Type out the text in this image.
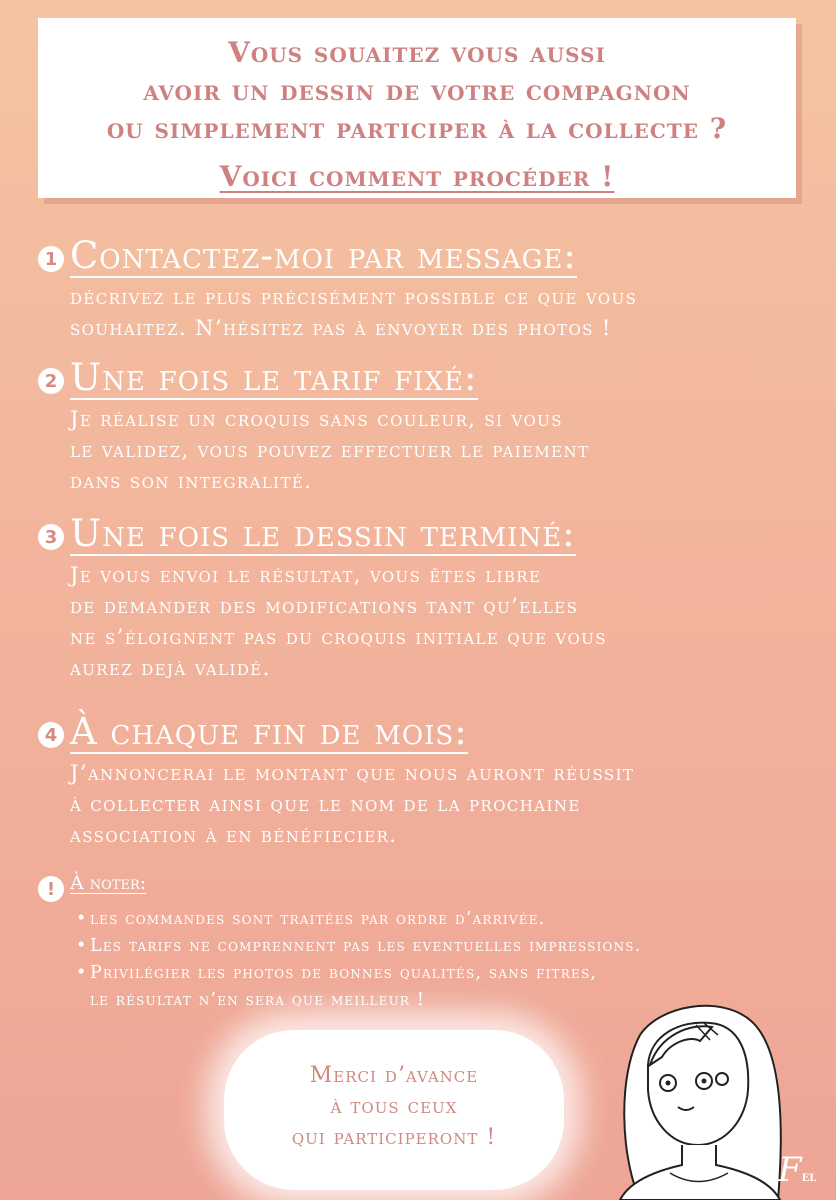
Vous souaitez vous aussi
avoir un dessin de votre compagnon
ou simplement participer à la collecte ?
Voici comment procéder !
1 Contactez-moi par message:
décrivez le plus précisément possible ce que vous
souhaitez. N’hésitez pas à envoyer des photos !
2 Une fois le tarif fixé:
Je réalise un croquis sans couleur, si vous
le validez, vous pouvez effectuer le paiement
dans son integralité.
3 Une fois le dessin terminé:
Je vous envoi le résultat, vous êtes libre
de demander des modifications tant qu’elles
ne s’éloignent pas du croquis initiale que vous
aurez dejà validé.
4 À chaque fin de mois:
J’annoncerai le montant que nous auront réussit
à collecter ainsi que le nom de la prochaine
association à en bénéfiecier.
! À noter:
• les commandes sont traitées par ordre d’arrivée.
• Les tarifs ne comprennent pas les eventuelles impressions.
• Privilégier les photos de bonnes qualités, sans fitres,
le résultat n’en sera que meilleur !
Merci d’avance
à tous ceux
qui participeront !
Fel
